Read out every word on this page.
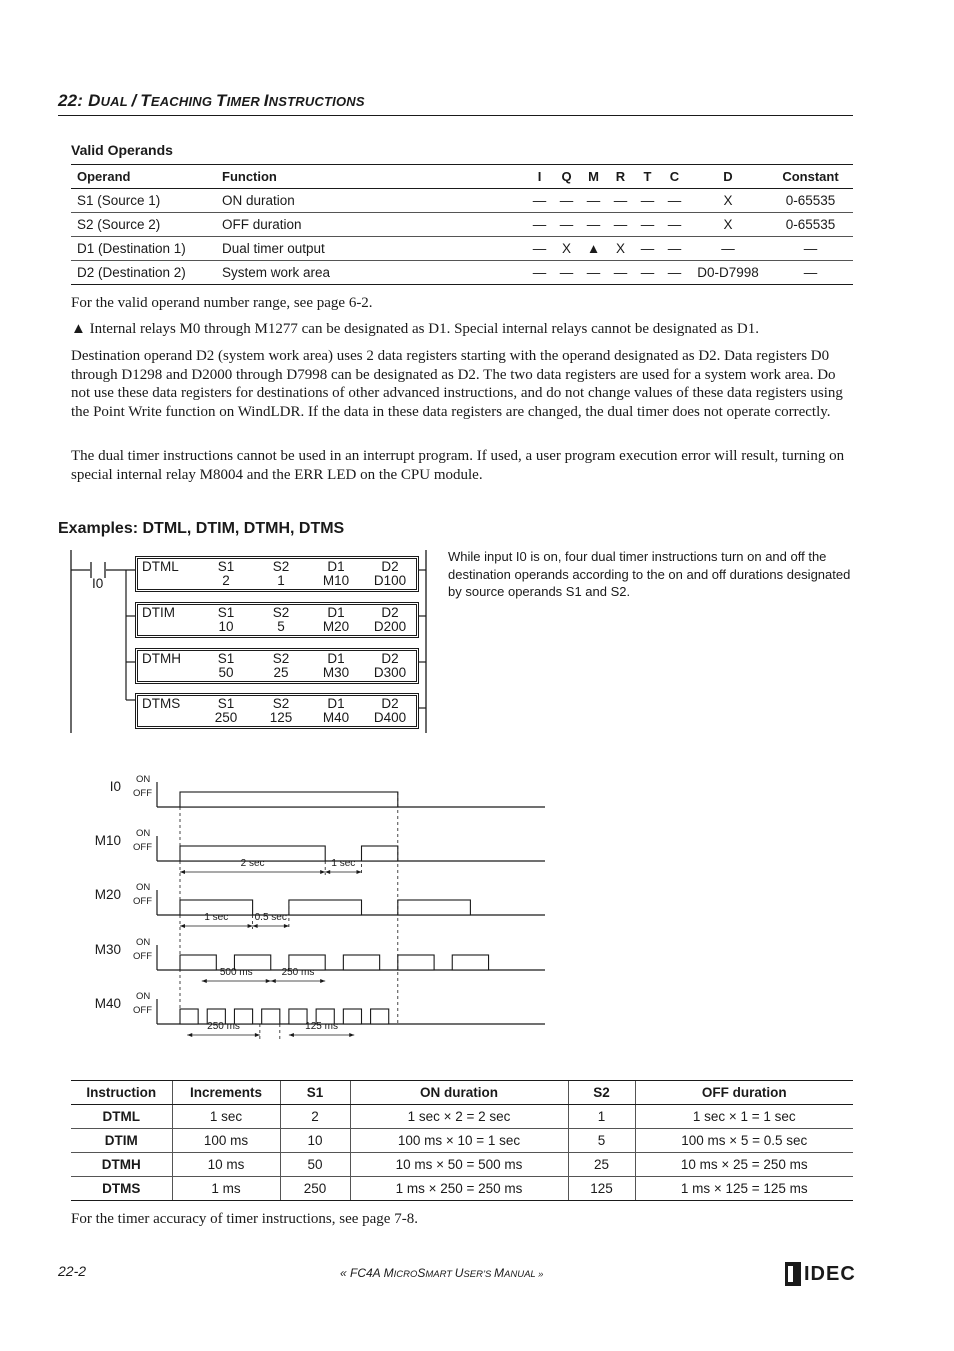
22: DUAL / TEACHING TIMER INSTRUCTIONS
Valid Operands
Operand	Function	I	Q	M	R	T	C	D	Constant
S1 (Source 1)	ON duration	—	—	—	—	—	—	X	0-65535
S2 (Source 2)	OFF duration	—	—	—	—	—	—	X	0-65535
D1 (Destination 1)	Dual timer output	—	X	▲	X	—	—	—	—
D2 (Destination 2)	System work area	—	—	—	—	—	—	D0-D7998	—
For the valid operand number range, see page 6-2.
▲ Internal relays M0 through M1277 can be designated as D1. Special internal relays cannot be designated as D1.
Destination operand D2 (system work area) uses 2 data registers starting with the operand designated as D2. Data registers D0 through D1298 and D2000 through D7998 can be designated as D2. The two data registers are used for a system work area. Do not use these data registers for destinations of other advanced instructions, and do not change values of these data registers using the Point Write function on WindLDR. If the data in these data registers are changed, the dual timer does not operate correctly.
The dual timer instructions cannot be used in an interrupt program. If used, a user program execution error will result, turning on special internal relay M8004 and the ERR LED on the CPU module.
Examples: DTML, DTIM, DTMH, DTMS
While input I0 is on, four dual timer instructions turn on and off the destination operands according to the on and off durations designated by source operands S1 and S2.
I0
DTML	S1
2
S2
1
D1
M10
D2
D100
DTIM	S1
10
S2
5
D1
M20
D2
D200
DTMH	S1
50
S2
25
D1
M30
D2
D300
DTMS	S1
250
S2
125
D1
M40
D2
D400
2 sec	1 sec
1 sec	0.5 sec
500 ms	250 ms
250 ms	125 ms
I0 ON
OFF
M10 ON
OFF
M20 ON
OFF
M30 ON
OFF
M40 ON
OFF
Instruction	Increments	S1	ON duration	S2	OFF duration
DTML	1 sec	2	1 sec × 2 = 2 sec	1	1 sec × 1 = 1 sec
DTIM	100 ms	10	100 ms × 10 = 1 sec	5	100 ms × 5 = 0.5 sec
DTMH	10 ms	50	10 ms × 50 = 500 ms	25	10 ms × 25 = 250 ms
DTMS	1 ms	250	1 ms × 250 = 250 ms	125	1 ms × 125 = 125 ms
For the timer accuracy of timer instructions, see page 7-8.
22-2	« FC4A MICROSMART USER’S MANUAL »	IDEC
